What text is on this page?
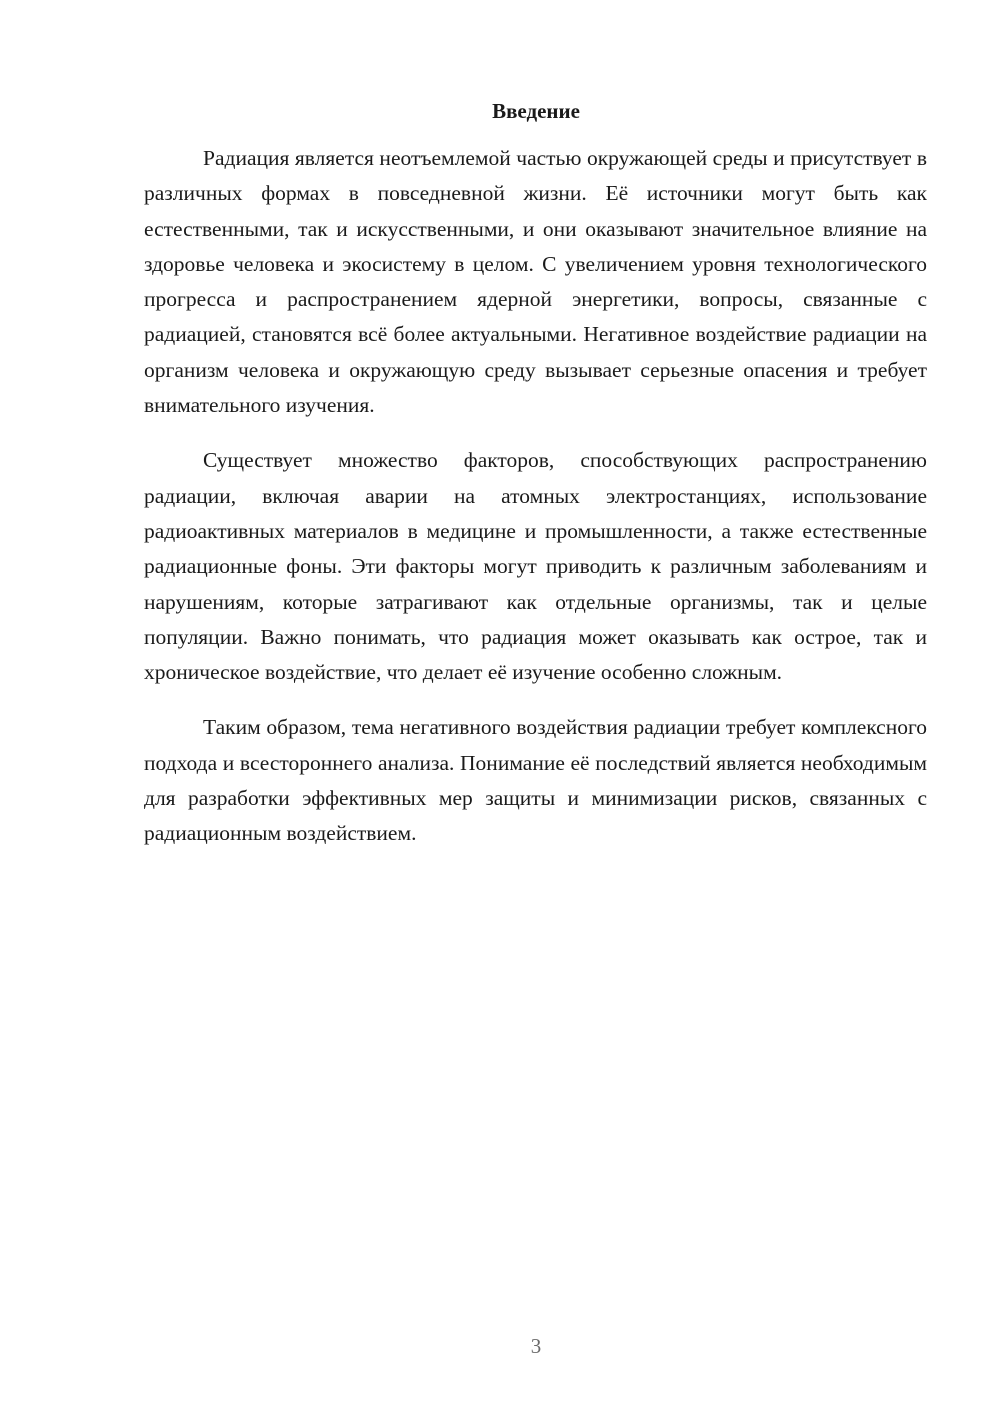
Введение

Радиация является неотъемлемой частью окружающей среды и присутствует в различных формах в повседневной жизни. Её источники могут быть как естественными, так и искусственными, и они оказывают значительное влияние на здоровье человека и экосистему в целом. С увеличением уровня технологического прогресса и распространением ядерной энергетики, вопросы, связанные с радиацией, становятся всё более актуальными. Негативное воздействие радиации на организм человека и окружающую среду вызывает серьезные опасения и требует внимательного изучения.

Существует множество факторов, способствующих распространению радиации, включая аварии на атомных электростанциях, использование радиоактивных материалов в медицине и промышленности, а также естественные радиационные фоны. Эти факторы могут приводить к различным заболеваниям и нарушениям, которые затрагивают как отдельные организмы, так и целые популяции. Важно понимать, что радиация может оказывать как острое, так и хроническое воздействие, что делает её изучение особенно сложным.

Таким образом, тема негативного воздействия радиации требует комплексного подхода и всестороннего анализа. Понимание её последствий является необходимым для разработки эффективных мер защиты и минимизации рисков, связанных с радиационным воздействием.

3
